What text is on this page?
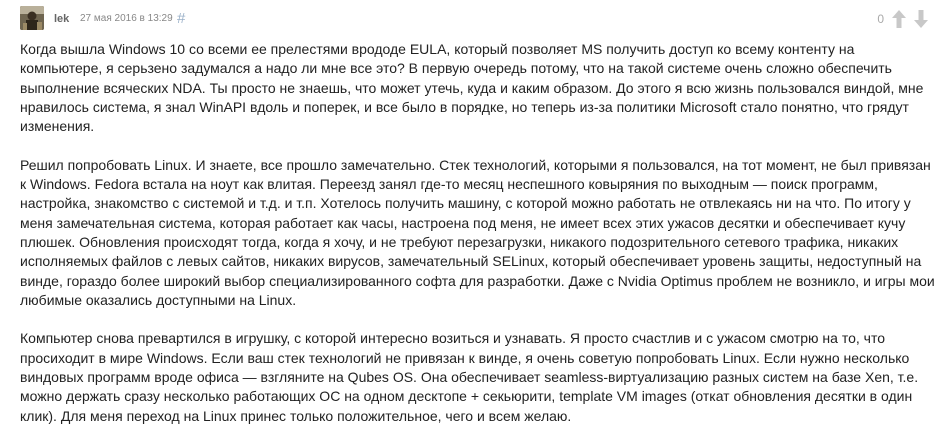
lek 27 мая 2016 в 13:29 #	0

Когда вышла Windows 10 со всеми ее прелестями врододе EULA, который позволяет MS получить доступ ко всему контенту на компьютере, я серьзено задумался а надо ли мне все это? В первую очередь потому, что на такой системе очень сложно обеспечить выполнение всяческих NDA. Ты просто не знаешь, что может утечь, куда и каким образом. До этого я всю жизнь пользовался виндой, мне нравилось система, я знал WinAPI вдоль и поперек, и все было в порядке, но теперь из-за политики Microsoft стало понятно, что грядут изменения.

Решил попробовать Linux. И знаете, все прошло замечательно. Стек технологий, которыми я пользовался, на тот момент, не был привязан к Windows. Fedora встала на ноут как влитая. Переезд занял где-то месяц неспешного ковыряния по выходным — поиск программ, настройка, знакомство с системой и т.д. и т.п. Хотелось получить машину, с которой можно работать не отвлекаясь ни на что. По итогу у меня замечательная система, которая работает как часы, настроена под меня, не имеет всех этих ужасов десятки и обеспечивает кучу плюшек. Обновления происходят тогда, когда я хочу, и не требуют перезагрузки, никакого подозрительного сетевого трафика, никаких исполняемых файлов с левых сайтов, никаких вирусов, замечательный SELinux, который обеспечивает уровень защиты, недоступный на винде, гораздо более широкий выбор специализированного софта для разработки. Даже с Nvidia Optimus проблем не возникло, и игры мои любимые оказались доступными на Linux.

Компьютер снова превартился в игрушку, с которой интересно возиться и узнавать. Я просто счастлив и с ужасом смотрю на то, что просиходит в мире Windows. Если ваш стек технологий не привязан к винде, я очень советую попробовать Linux. Если нужно несколько виндовых программ вроде офиса — взгляните на Qubes OS. Она обеспечивает seamless-виртуализацию разных систем на базе Xen, т.е. можно держать сразу несколько работающих ОС на одном десктопе + секьюрити, template VM images (откат обновления десятки в один клик). Для меня переход на Linux принес только положительное, чего и всем желаю.
